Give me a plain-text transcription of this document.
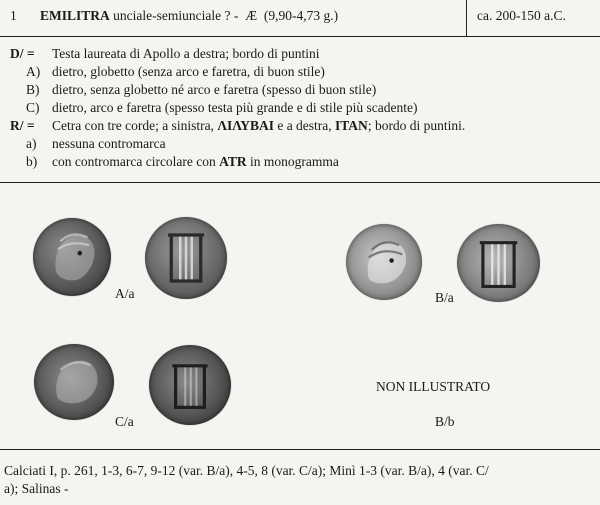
1 EMILITRA unciale-semiunciale ? - Æ (9,90-4,73 g.)	ca. 200-150 a.C.
D/ = Testa laureata di Apollo a destra; bordo di puntini
A) dietro, globetto (senza arco e faretra, di buon stile)
B) dietro, senza globetto né arco e faretra (spesso di buon stile)
C) dietro, arco e faretra (spesso testa più grande e di stile più scadente)
R/ = Cetra con tre corde; a sinistra, ΛΙΛΥΒΑΙ e a destra, ITAN; bordo di puntini.
a) nessuna contromarca
b) con contromarca circolare con ATR in monogramma
A/a	B/a
C/a
NON ILLUSTRATO
B/b
Calciati I, p. 261, 1-3, 6-7, 9-12 (var. B/a), 4-5, 8 (var. C/a); Minì 1-3 (var. B/a), 4 (var. C/
a); Salinas -
